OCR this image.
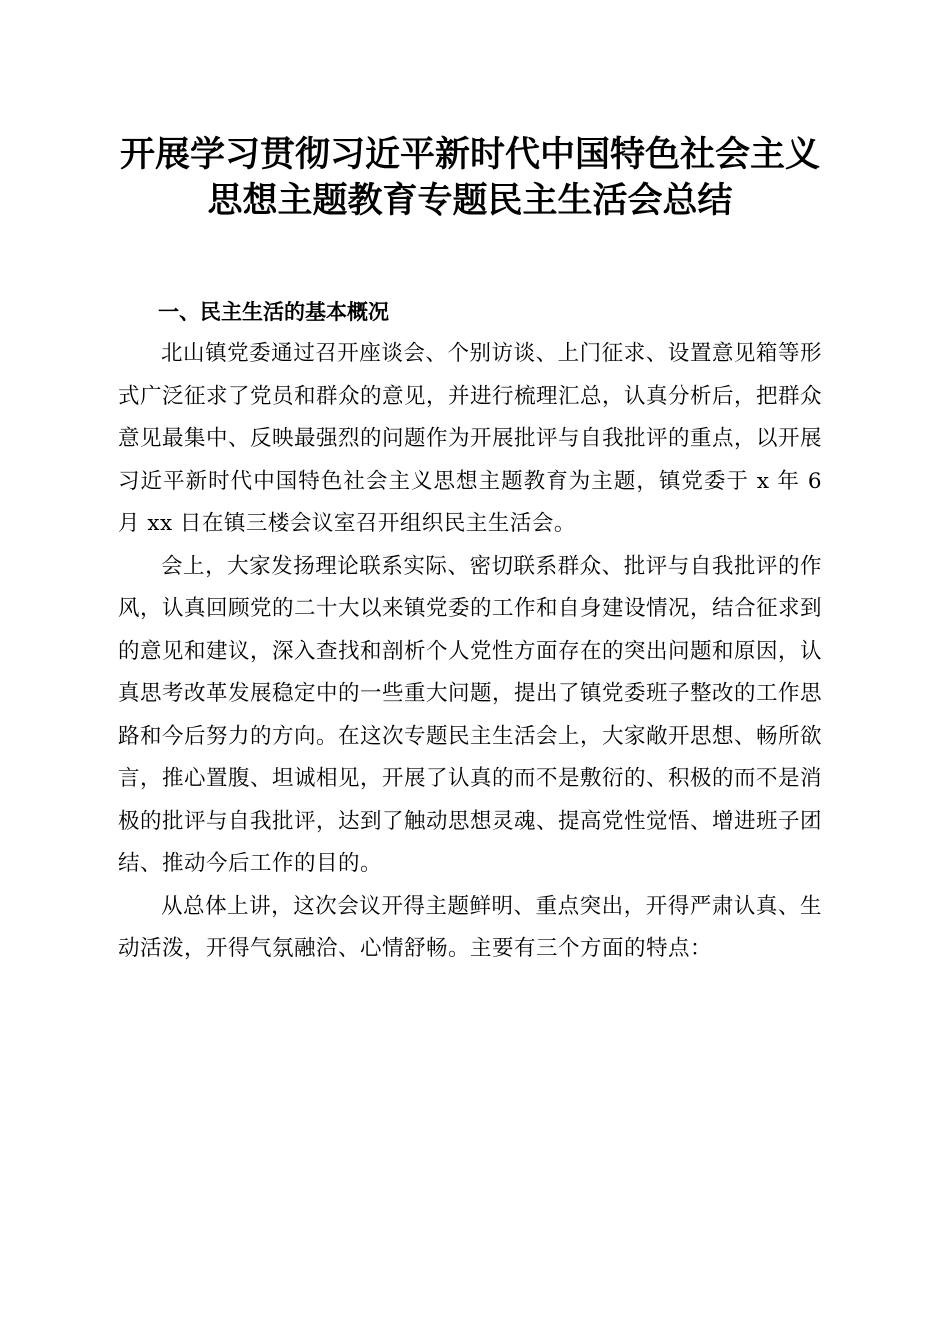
开展学习贯彻习近平新时代中国特色社会主义
思想主题教育专题民主生活会总结
一、民主生活的基本概况

北山镇党委通过召开座谈会、个别访谈、上门征求、设置意见箱等形式广泛征求了党员和群众的意见，并进行梳理汇总，认真分析后，把群众意见最集中、反映最强烈的问题作为开展批评与自我批评的重点，以开展习近平新时代中国特色社会主义思想主题教育为主题，镇党委于 x 年 6 月 xx 日在镇三楼会议室召开组织民主生活会。

会上，大家发扬理论联系实际、密切联系群众、批评与自我批评的作风，认真回顾党的二十大以来镇党委的工作和自身建设情况，结合征求到的意见和建议，深入查找和剖析个人党性方面存在的突出问题和原因，认真思考改革发展稳定中的一些重大问题，提出了镇党委班子整改的工作思路和今后努力的方向。在这次专题民主生活会上，大家敞开思想、畅所欲言，推心置腹、坦诚相见，开展了认真的而不是敷衍的、积极的而不是消极的批评与自我批评，达到了触动思想灵魂、提高党性觉悟、增进班子团结、推动今后工作的目的。

从总体上讲，这次会议开得主题鲜明、重点突出，开得严肃认真、生动活泼，开得气氛融洽、心情舒畅。主要有三个方面的特点：
